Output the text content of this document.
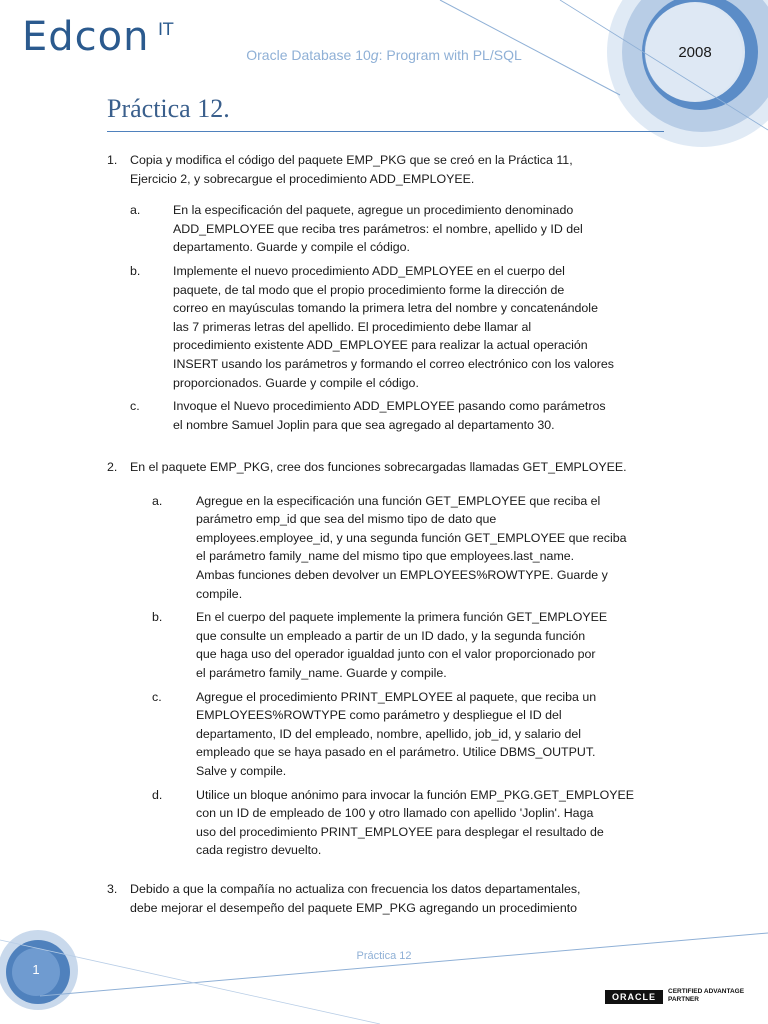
Edcon IT
Oracle Database 10g: Program with PL/SQL	2008
Práctica 12.
1. Copia y modifica el código del paquete EMP_PKG que se creó en la Práctica 11,
Ejercicio 2, y sobrecargue el procedimiento ADD_EMPLOYEE.
a.	En la especificación del paquete, agregue un procedimiento denominado
ADD_EMPLOYEE que reciba tres parámetros: el nombre, apellido y ID del
departamento. Guarde y compile el código.
b.	Implemente el nuevo procedimiento ADD_EMPLOYEE en el cuerpo del
paquete, de tal modo que el propio procedimiento forme la dirección de
correo en mayúsculas tomando la primera letra del nombre y concatenándole
las 7 primeras letras del apellido. El procedimiento debe llamar al
procedimiento existente ADD_EMPLOYEE para realizar la actual operación
INSERT usando los parámetros y formando el correo electrónico con los valores
proporcionados. Guarde y compile el código.
c.	Invoque el Nuevo procedimiento ADD_EMPLOYEE pasando como parámetros
el nombre Samuel Joplin para que sea agregado al departamento 30.
2. En el paquete EMP_PKG, cree dos funciones sobrecargadas llamadas GET_EMPLOYEE.
a.	Agregue en la especificación una función GET_EMPLOYEE que reciba el
parámetro emp_id que sea del mismo tipo de dato que
employees.employee_id, y una segunda función GET_EMPLOYEE que reciba
el parámetro family_name del mismo tipo que employees.last_name.
Ambas funciones deben devolver un EMPLOYEES%ROWTYPE. Guarde y
compile.
b.	En el cuerpo del paquete implemente la primera función GET_EMPLOYEE
que consulte un empleado a partir de un ID dado, y la segunda función
que haga uso del operador igualdad junto con el valor proporcionado por
el parámetro family_name. Guarde y compile.
c.	Agregue el procedimiento PRINT_EMPLOYEE al paquete, que reciba un
EMPLOYEES%ROWTYPE como parámetro y despliegue el ID del
departamento, ID del empleado, nombre, apellido, job_id, y salario del
empleado que se haya pasado en el parámetro. Utilice DBMS_OUTPUT.
Salve y compile.
d.	Utilice un bloque anónimo para invocar la función EMP_PKG.GET_EMPLOYEE
con un ID de empleado de 100 y otro llamado con apellido 'Joplin'. Haga
uso del procedimiento PRINT_EMPLOYEE para desplegar el resultado de
cada registro devuelto.
3. Debido a que la compañía no actualiza con frecuencia los datos departamentales,
debe mejorar el desempeño del paquete EMP_PKG agregando un procedimiento
Práctica 12
1
ORACLE
CERTIFIED ADVANTAGE
PARTNER
